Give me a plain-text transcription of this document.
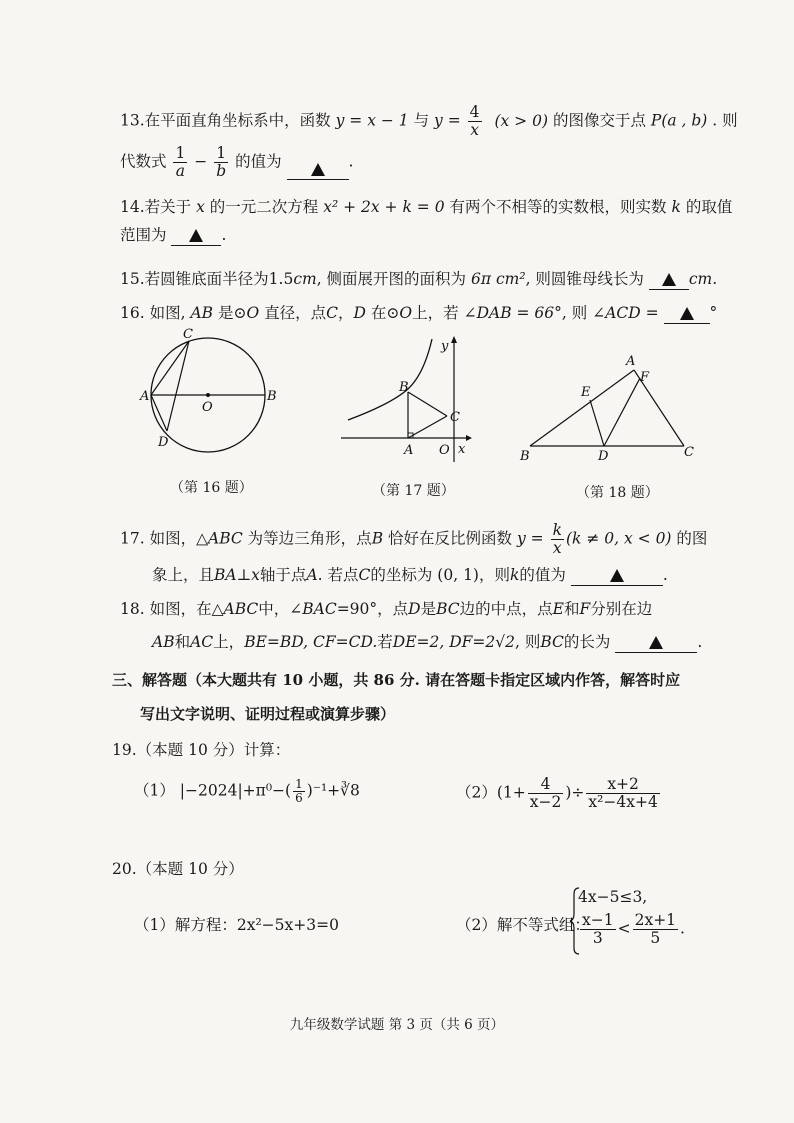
13.在平面直角坐标系中，函数 y = x − 1 与 $y = \frac{4}{x} (x > 0)$ 的图像交于点 P(a , b) . 则
代数式 $\frac{1}{a} - \frac{1}{b}$ 的值为	.
14.若关于 x 的一元二次方程 x² + 2x + k = 0 有两个不相等的实数根，则实数 k 的取值
范围为	.
15.若圆锥底面半径为1.5cm, 侧面展开图的面积为 6π cm², 则圆锥母线长为	cm.
16. 如图, AB 是⊙O 直径，点C，D 在⊙O上，若 ∠DAB = 66°, 则 ∠ACD =	°
C
A	B
O
D
（第 16 题）
B
C
A O x
y
（第 17 题）
A
F
E
B	D	C
（第 18 题）
17. 如图，△ABC 为等边三角形，点B 恰好在反比例函数 $y = \frac{k}{x} (k \ne 0$, x < 0) 的图
象上，且BA⊥x轴于点A. 若点C的坐标为 (0, 1)，则k的值为	.
18. 如图，在△ABC中，∠BAC=90°，点D是BC边的中点，点E和F分别在边
AB和AC上，BE=BD, CF=CD.若DE=2, DF=2√2, 则BC的长为	.
三、解答题（本大题共有 10 小题，共 86 分. 请在答题卡指定区域内作答，解答时应
写出文字说明、证明过程或演算步骤）
19.（本题 10 分）计算：
（1） $|-2024|+\pi^0-( \frac{1}{6}$ )⁻¹+∛8	$(2)(1+ \frac{4}{x-2}$ )÷ $\frac{x+2}{\text{x²−4x+4}}$
20.（本题 10 分）
（1）解方程：2x²−5x+3=0	（2）解不等式组：
4x−5≤3,
$\frac{x-1}{3} < \frac{2x+1}{5}$ .
九年级数学试题 第 3 页（共 6 页）
